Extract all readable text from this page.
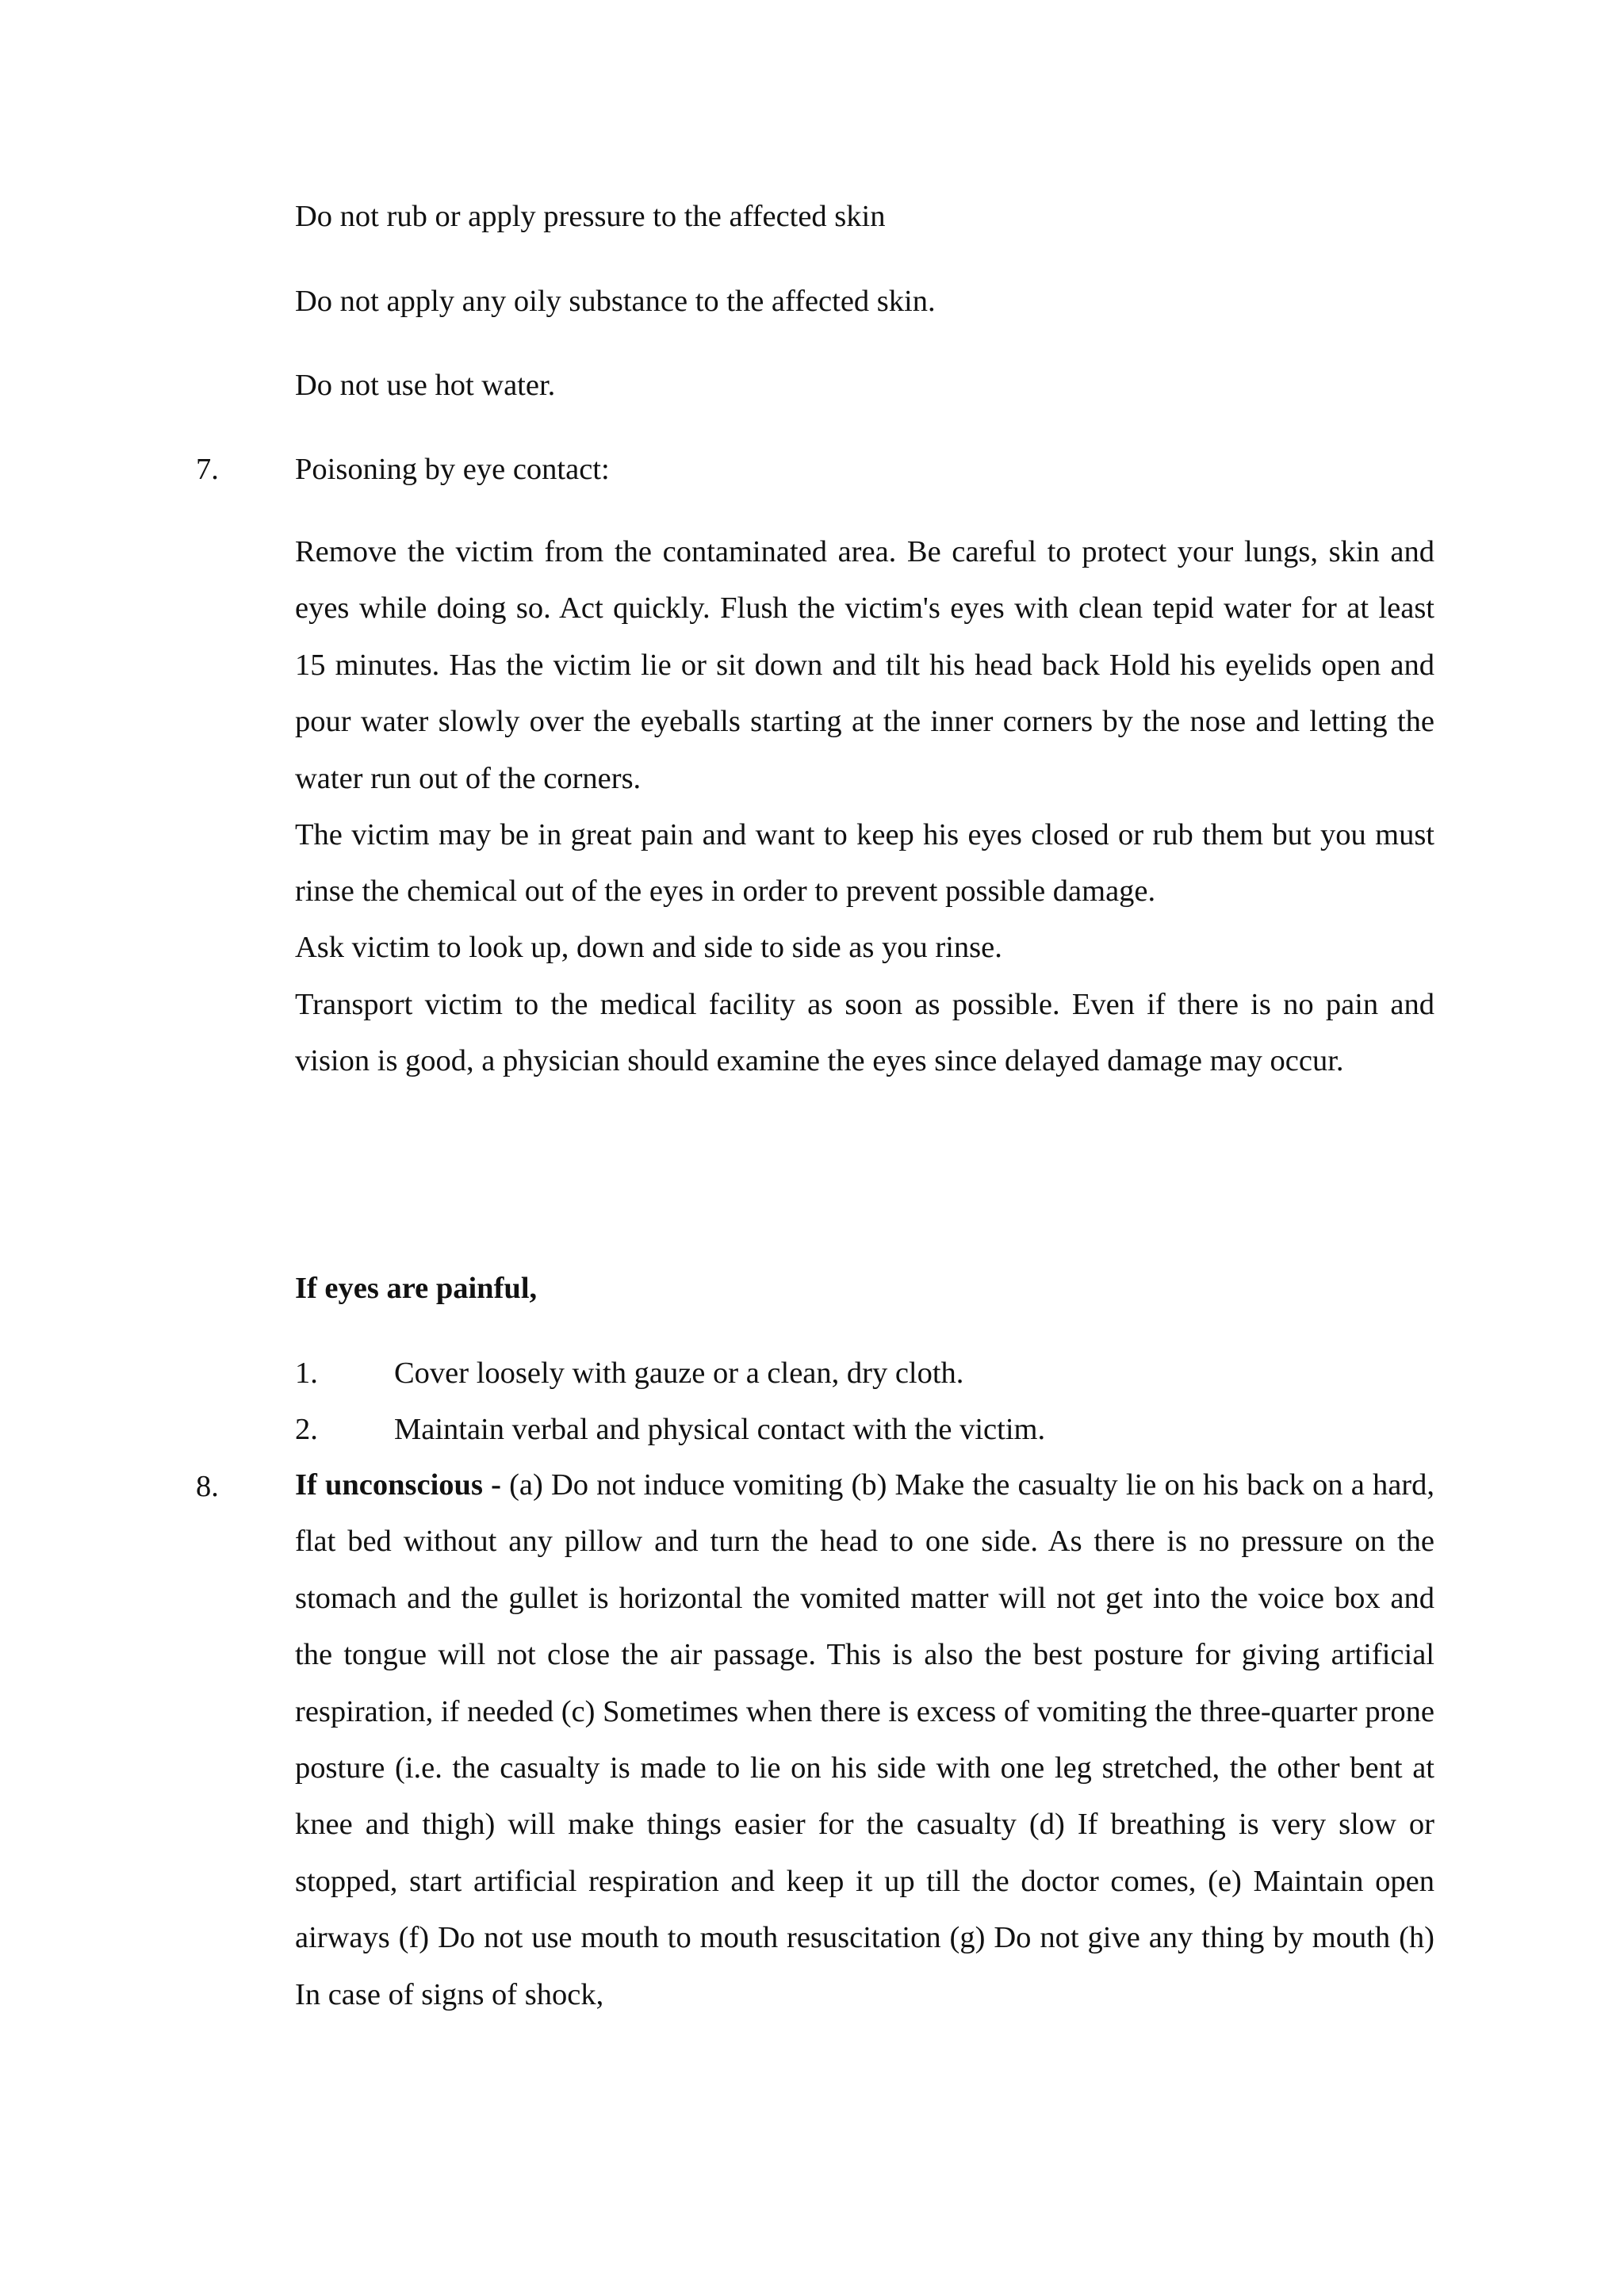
Do not rub or apply pressure to the affected skin
Do not apply any oily substance to the affected skin.
Do not use hot water.
7. Poisoning by eye contact:
Remove the victim from the contaminated area. Be careful to protect your lungs, skin and eyes while doing so. Act quickly. Flush the victim's eyes with clean tepid water for at least 15 minutes. Has the victim lie or sit down and tilt his head back Hold his eyelids open and pour water slowly over the eyeballs starting at the inner corners by the nose and letting the water run out of the corners.
The victim may be in great pain and want to keep his eyes closed or rub them but you must rinse the chemical out of the eyes in order to prevent possible damage.
Ask victim to look up, down and side to side as you rinse.
Transport victim to the medical facility as soon as possible. Even if there is no pain and vision is good, a physician should examine the eyes since delayed damage may occur.
If eyes are painful,
1. Cover loosely with gauze or a clean, dry cloth.
2. Maintain verbal and physical contact with the victim.
8. If unconscious - (a) Do not induce vomiting (b) Make the casualty lie on his back on a hard, flat bed without any pillow and turn the head to one side. As there is no pressure on the stomach and the gullet is horizontal the vomited matter will not get into the voice box and the tongue will not close the air passage. This is also the best posture for giving artificial respiration, if needed (c) Sometimes when there is excess of vomiting the three-quarter prone posture (i.e. the casualty is made to lie on his side with one leg stretched, the other bent at knee and thigh) will make things easier for the casualty (d) If breathing is very slow or stopped, start artificial respiration and keep it up till the doctor comes, (e) Maintain open airways (f) Do not use mouth to mouth resuscitation (g) Do not give any thing by mouth (h) In case of signs of shock,
